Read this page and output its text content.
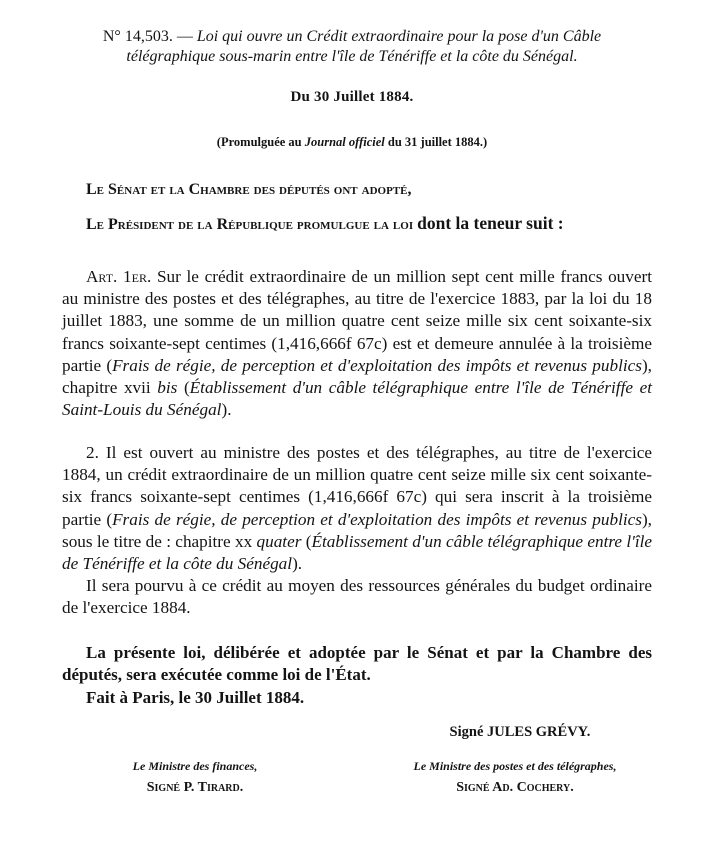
N° 14,503. — Loi qui ouvre un Crédit extraordinaire pour la pose d'un Câble
télégraphique sous-marin entre l'île de Ténériffe et la côte du Sénégal.
Du 30 Juillet 1884.
(Promulguée au Journal officiel du 31 juillet 1884.)
Le Sénat et la Chambre des députés ont adopté,
Le Président de la République promulgue la loi dont la teneur suit :
Art. 1er. Sur le crédit extraordinaire de un million sept cent mille francs ouvert au ministre des postes et des télégraphes, au titre de l'exercice 1883, par la loi du 18 juillet 1883, une somme de un million quatre cent seize mille six cent soixante-six francs soixante-sept centimes (1,416,666f 67c) est et demeure annulée à la troisième partie (Frais de régie, de perception et d'exploitation des impôts et revenus publics), chapitre xvii bis (Établissement d'un câble télégraphique entre l'île de Ténériffe et Saint-Louis du Sénégal).
2. Il est ouvert au ministre des postes et des télégraphes, au titre de l'exercice 1884, un crédit extraordinaire de un million quatre cent seize mille six cent soixante-six francs soixante-sept centimes (1,416,666f 67c) qui sera inscrit à la troisième partie (Frais de régie, de perception et d'exploitation des impôts et revenus publics), sous le titre de : chapitre xx quater (Établissement d'un câble télégraphique entre l'île de Ténériffe et la côte du Sénégal).
Il sera pourvu à ce crédit au moyen des ressources générales du budget ordinaire de l'exercice 1884.
La présente loi, délibérée et adoptée par le Sénat et par la Chambre des députés, sera exécutée comme loi de l'État.
Fait à Paris, le 30 Juillet 1884.
Signé JULES GRÉVY.
Le Ministre des finances,
Signé P. Tirard.
Le Ministre des postes et des télégraphes,
Signé Ad. Cochery.
